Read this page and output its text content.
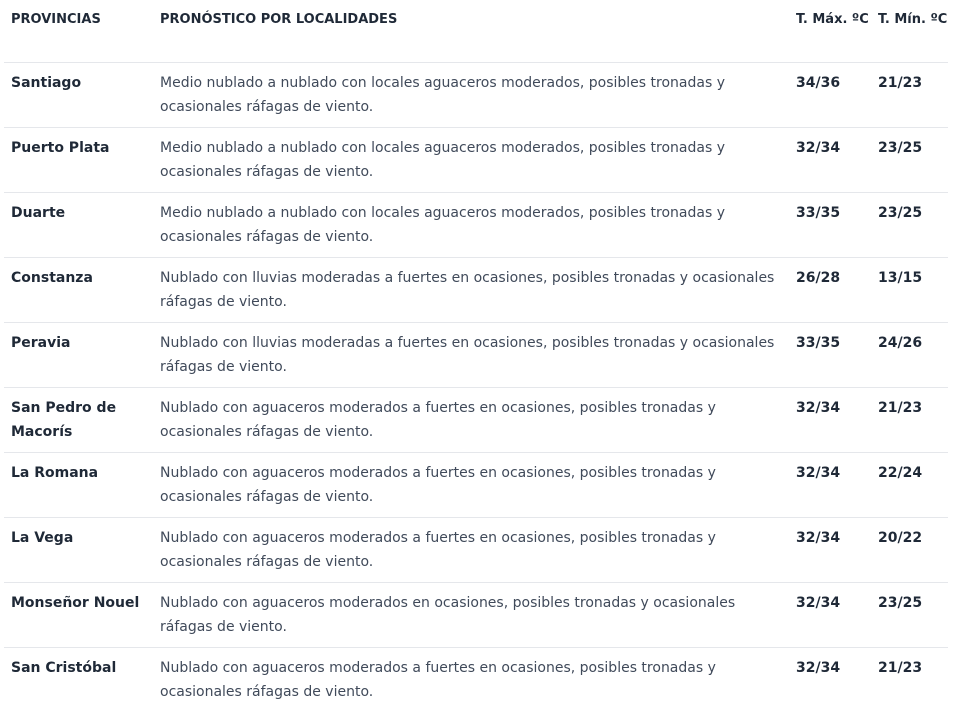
PROVINCIAS	PRONÓSTICO POR LOCALIDADES	T. Máx. ºC	T. Mín. ºC
Santiago	Medio nublado a nublado con locales aguaceros moderados, posibles tronadas y ocasionales ráfagas de viento.	34/36	21/23
Puerto Plata	Medio nublado a nublado con locales aguaceros moderados, posibles tronadas y ocasionales ráfagas de viento.	32/34	23/25
Duarte	Medio nublado a nublado con locales aguaceros moderados, posibles tronadas y ocasionales ráfagas de viento.	33/35	23/25
Constanza	Nublado con lluvias moderadas a fuertes en ocasiones, posibles tronadas y ocasionales ráfagas de viento.	26/28	13/15
Peravia	Nublado con lluvias moderadas a fuertes en ocasiones, posibles tronadas y ocasionales ráfagas de viento.	33/35	24/26
San Pedro de Macorís	Nublado con aguaceros moderados a fuertes en ocasiones, posibles tronadas y ocasionales ráfagas de viento.	32/34	21/23
La Romana	Nublado con aguaceros moderados a fuertes en ocasiones, posibles tronadas y ocasionales ráfagas de viento.	32/34	22/24
La Vega	Nublado con aguaceros moderados a fuertes en ocasiones, posibles tronadas y ocasionales ráfagas de viento.	32/34	20/22
Monseñor Nouel	Nublado con aguaceros moderados en ocasiones, posibles tronadas y ocasionales ráfagas de viento.	32/34	23/25
San Cristóbal	Nublado con aguaceros moderados a fuertes en ocasiones, posibles tronadas y ocasionales ráfagas de viento.	32/34	21/23
